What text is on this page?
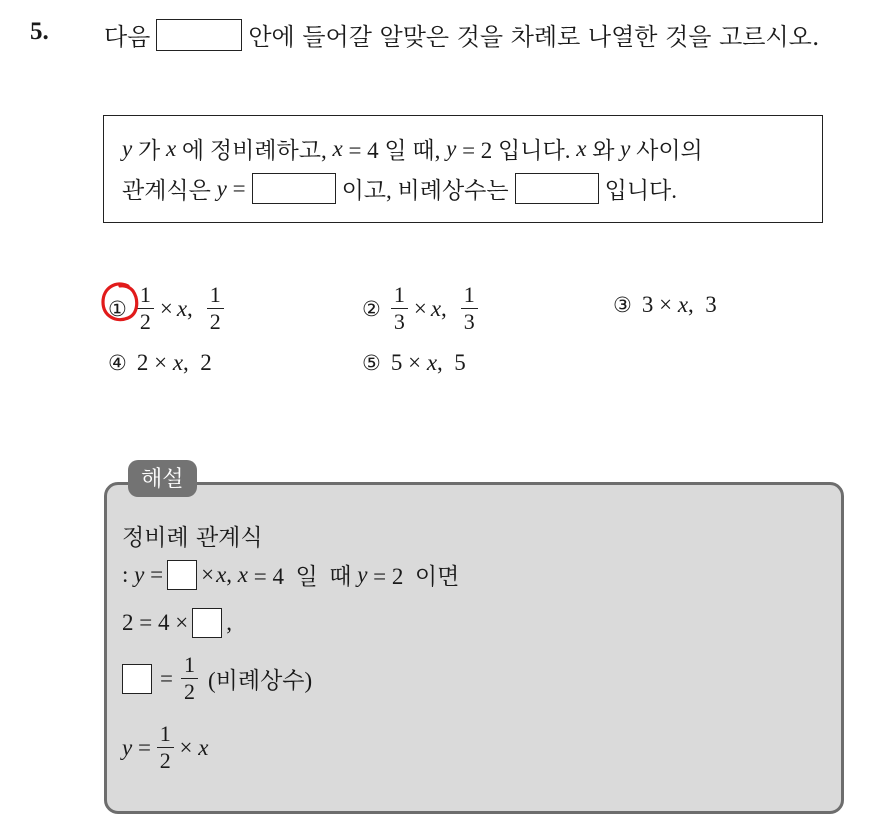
5. 다음	안에 들어갈 알맞은 것을 차례로 나열한 것을 고르시오.
y 가 x 에 정비례하고, x = 4 일 때, y = 2 입니다. x 와 y 사이의
관계식은 y =	이고, 비례상수는	입니다.
① $\frac{1}{2} \times x$ , $\frac{1}{2}$	② $\frac{1}{3} \times x$ , $\frac{1}{3}$	③ 3 × x ,  3
④ 2 × x ,  2	⑤ 5 × x ,  5
해설
정비례 관계식
: y = × x , x = 4  일  때 y = 2  이면
2 = 4 × ,
= $\frac{1}{2}$ (비례상수)
$y = \frac{1}{2} \times x$
